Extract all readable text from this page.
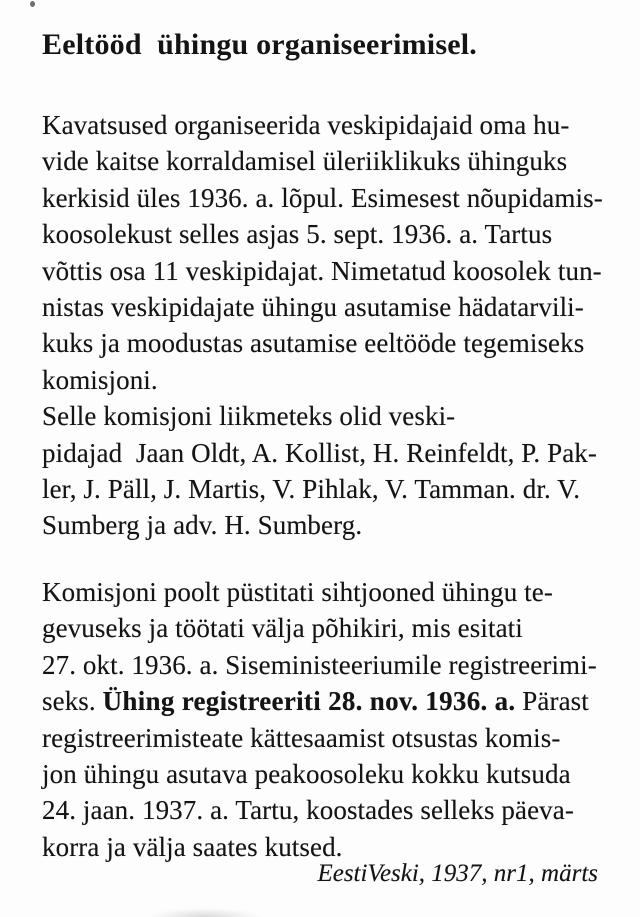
Eeltööd  ühingu organiseerimisel.
Kavatsused organiseerida veskipidajaid oma hu-
vide kaitse korraldamisel üleriiklikuks ühinguks
kerkisid üles 1936. a. lõpul. Esimesest nõupidamis-
koosolekust selles asjas 5. sept. 1936. a. Tartus
võttis osa 11 veskipidajat. Nimetatud koosolek tun-
nistas veskipidajate ühingu asutamise hädatarvili-
kuks ja moodustas asutamise eeltööde tegemiseks
komisjoni.
Selle komisjoni liikmeteks olid veski-
pidajad  Jaan Oldt, A. Kollist, H. Reinfeldt, P. Pak-
ler, J. Päll, J. Martis, V. Pihlak, V. Tamman. dr. V.
Sumberg ja adv. H. Sumberg.
Komisjoni poolt püstitati sihtjooned ühingu te-
gevuseks ja töötati välja põhikiri, mis esitati
27. okt. 1936. a. Siseministeeriumile registreerimi-
seks. Ühing registreeriti 28. nov. 1936. a. Pärast
registreerimisteate kättesaamist otsustas komis-
jon ühingu asutava peakoosoleku kokku kutsuda
24. jaan. 1937. a. Tartu, koostades selleks päeva-
korra ja välja saates kutsed.
EestiVeski, 1937, nr1, märts
